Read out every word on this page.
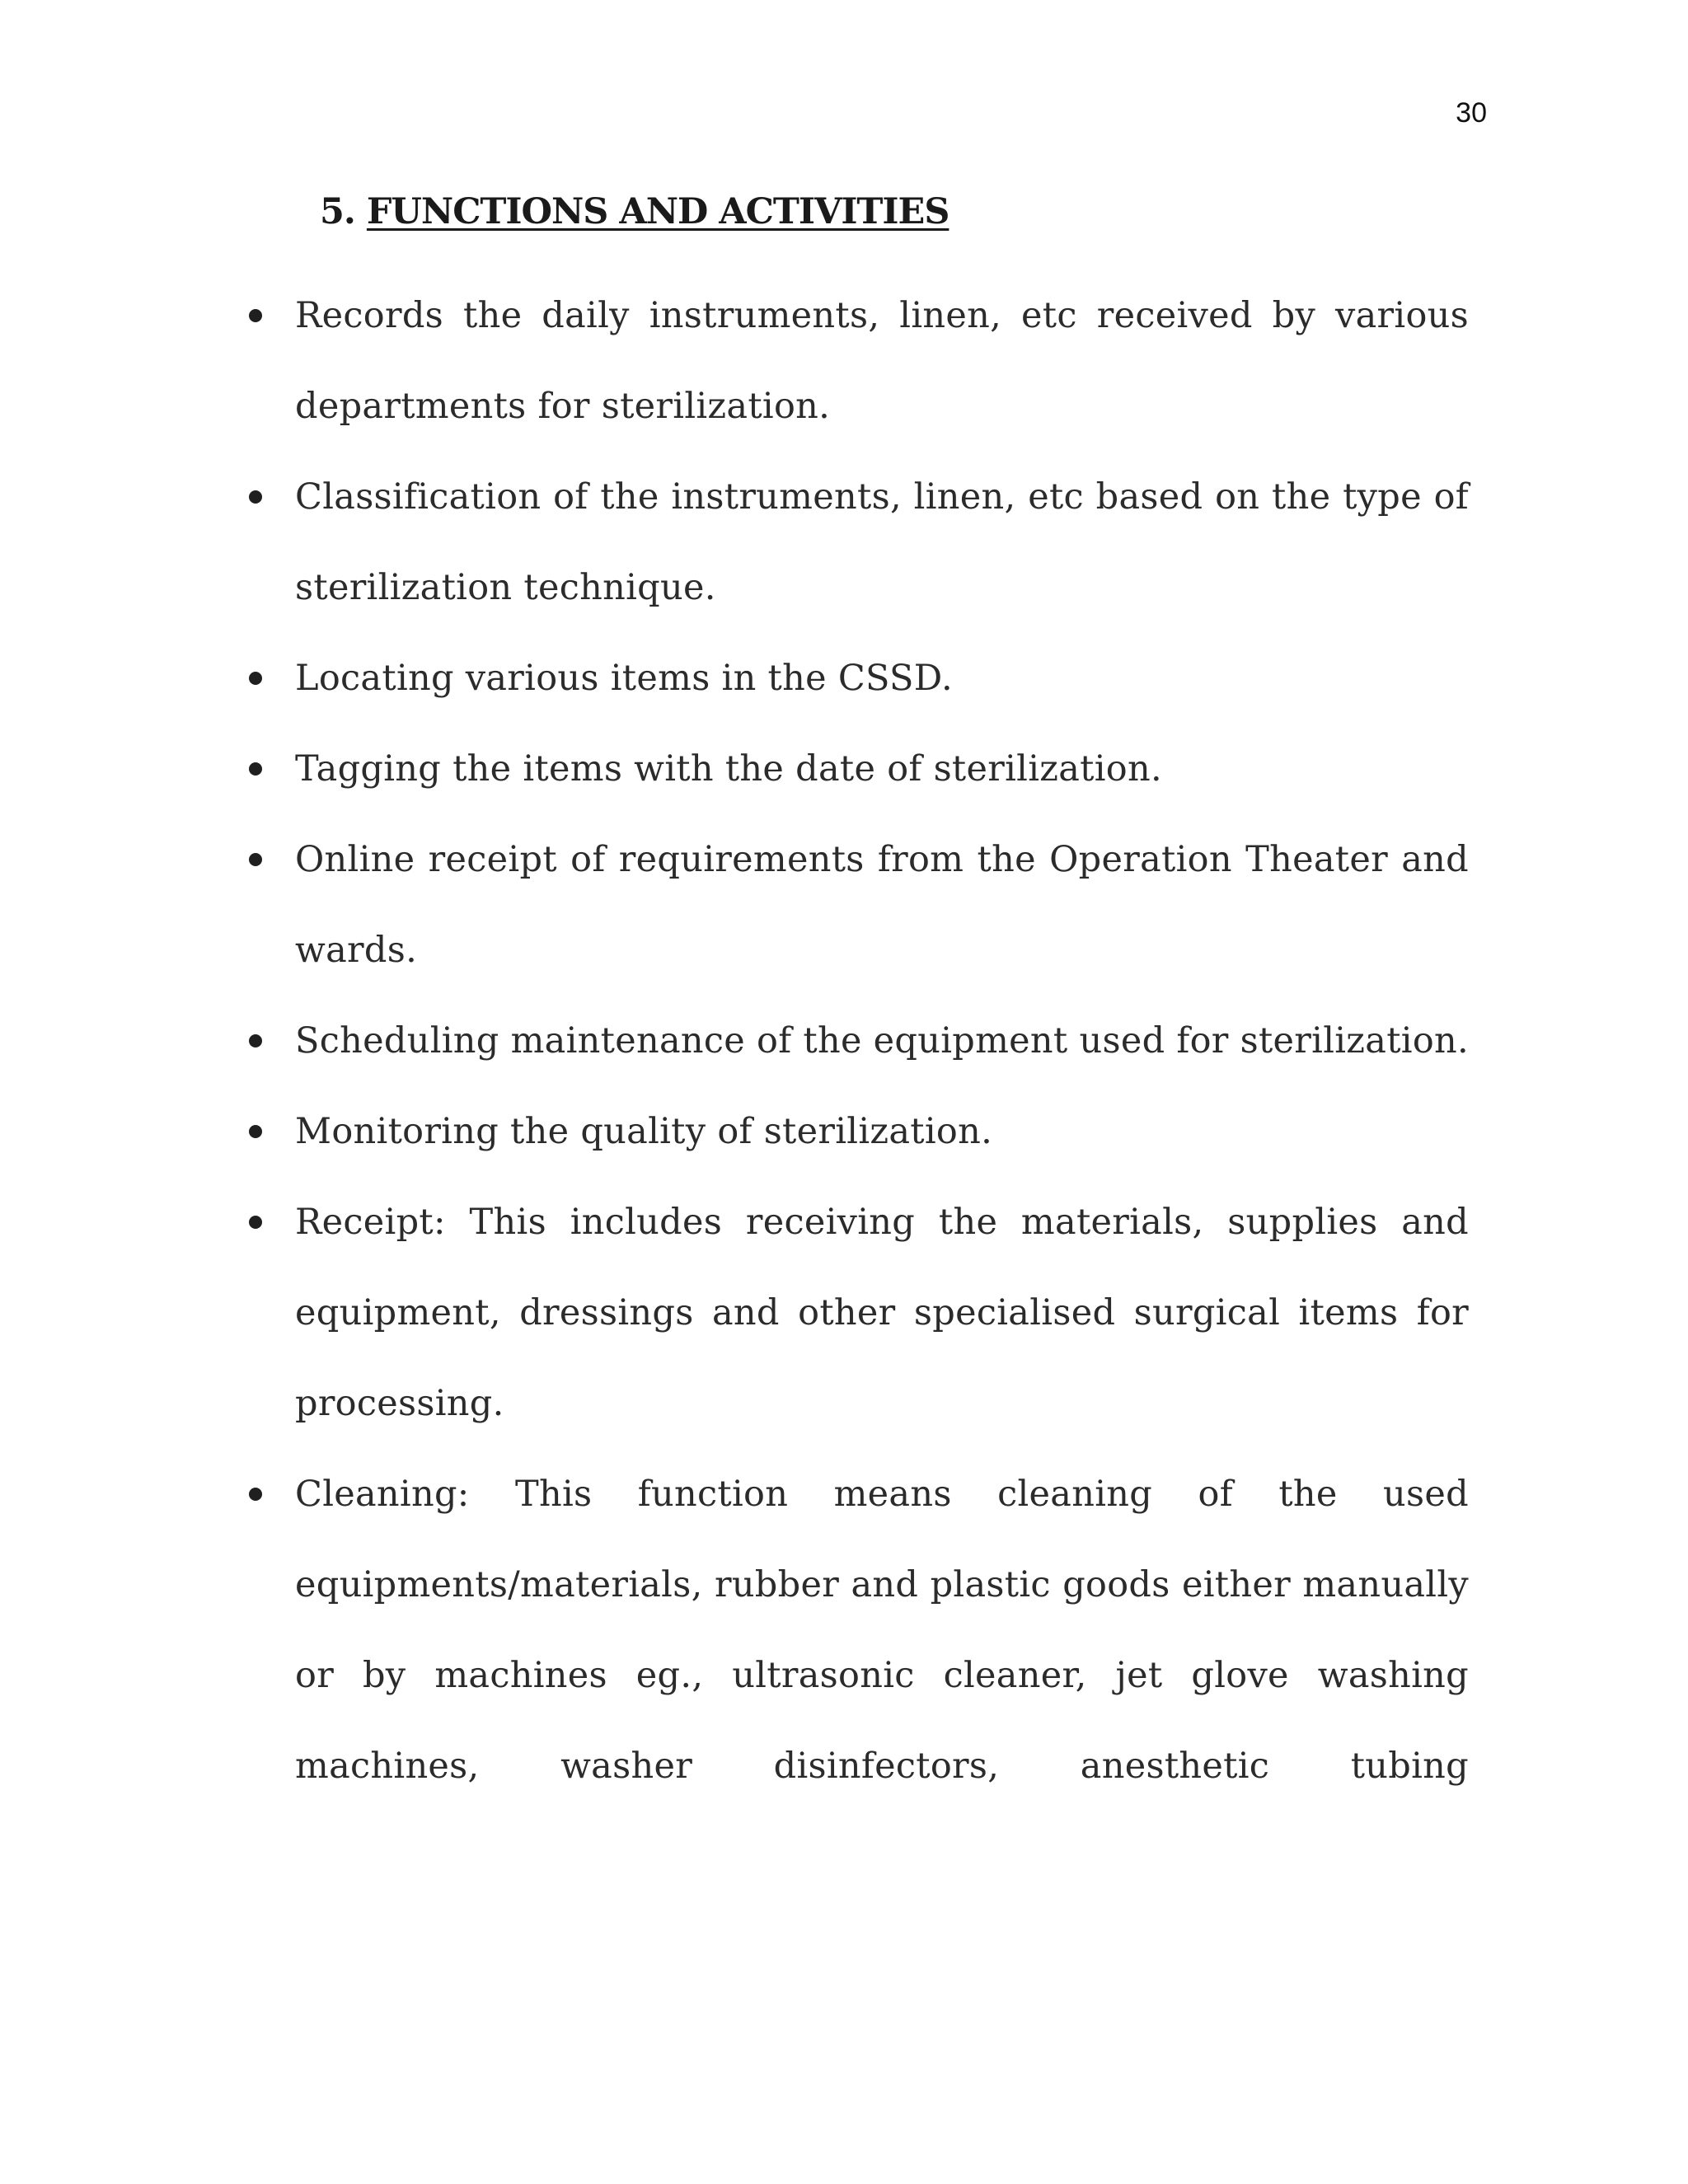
30
5. FUNCTIONS AND ACTIVITIES
Records the daily instruments, linen, etc received by various departments for sterilization.
Classification of the instruments, linen, etc based on the type of sterilization technique.
Locating various items in the CSSD.
Tagging the items with the date of sterilization.
Online receipt of requirements from the Operation Theater and wards.
Scheduling maintenance of the equipment used for sterilization.
Monitoring the quality of sterilization.
Receipt: This includes receiving the materials, supplies and equipment, dressings and other specialised surgical items for processing.
Cleaning: This function means cleaning of the used equipments/materials, rubber and plastic goods either manually or by machines eg., ultrasonic cleaner, jet glove washing machines, washer disinfectors, anesthetic tubing
